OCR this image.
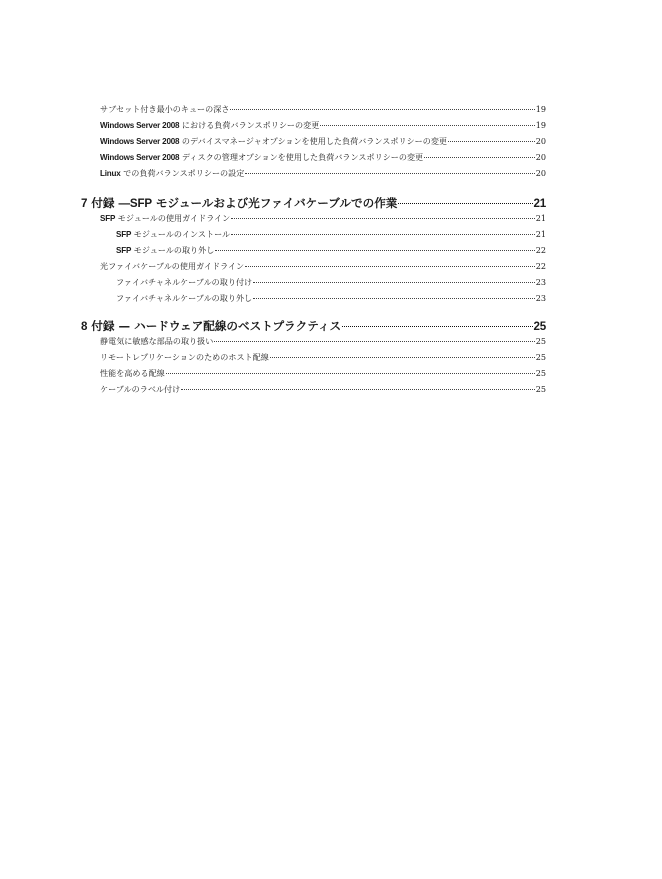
サブセット付き最小のキューの深さ	19
Windows Server 2008 における負荷バランスポリシーの変更	19
Windows Server 2008 のデバイスマネージャオプションを使用した負荷バランスポリシーの変更	20
Windows Server 2008 ディスクの管理オプションを使用した負荷バランスポリシーの変更	20
Linux での負荷バランスポリシーの設定	20
7 付録 —SFP モジュールおよび光ファイバケーブルでの作業	21
SFP モジュールの使用ガイドライン	21
SFP モジュールのインストール	21
SFP モジュールの取り外し	22
光ファイバケーブルの使用ガイドライン	22
ファイバチャネルケーブルの取り付け	23
ファイバチャネルケーブルの取り外し	23
8 付録 — ハードウェア配線のベストプラクティス	25
静電気に敏感な部品の取り扱い	25
リモートレプリケーションのためのホスト配線	25
性能を高める配線	25
ケーブルのラベル付け	25
